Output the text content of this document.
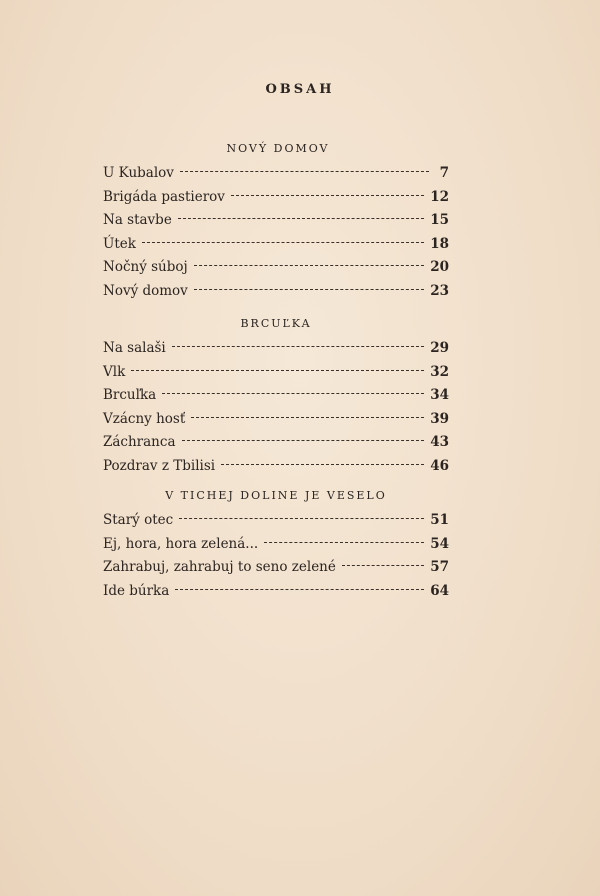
OBSAH
NOVÝ DOMOV
U Kubalov	7
Brigáda pastierov	12
Na stavbe	15
Útek	18
Nočný súboj	20
Nový domov	23
BRCUĽKA
Na salaši	29
Vlk	32
Brcuľka	34
Vzácny hosť	39
Záchranca	43
Pozdrav z Tbilisi	46
V TICHEJ DOLINE JE VESELO
Starý otec	51
Ej, hora, hora zelená...	54
Zahrabuj, zahrabuj to seno zelené	57
Ide búrka	64
